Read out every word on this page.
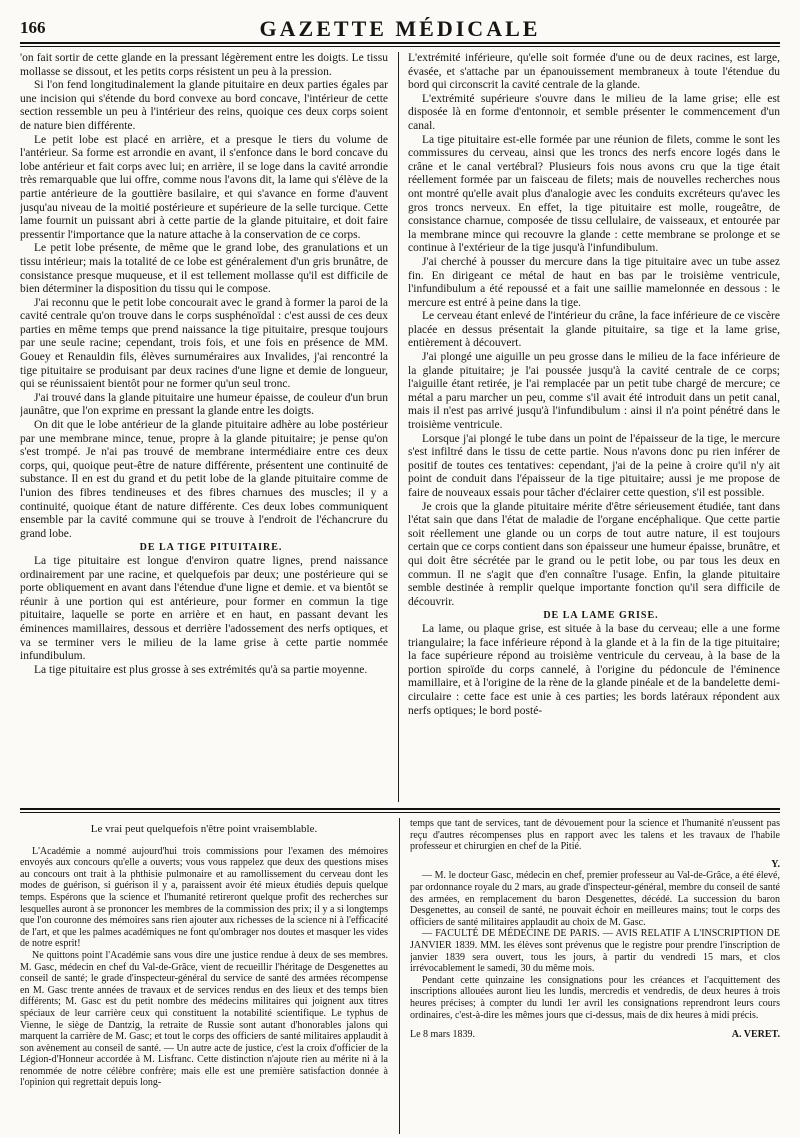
166	GAZETTE MÉDICALE

'on fait sortir de cette glande en la pressant légèrement entre les doigts. Le tissu mollasse se dissout, et les petits corps résistent un peu à la pression.

Si l'on fend longitudinalement la glande pituitaire en deux parties égales par une incision qui s'étende du bord convexe au bord concave, l'intérieur de cette section ressemble un peu à l'intérieur des reins, quoique ces deux corps soient de nature bien différente.

Le petit lobe est placé en arrière, et a presque le tiers du volume de l'antérieur. Sa forme est arrondie en avant, il s'enfonce dans le bord concave du lobe antérieur et fait corps avec lui; en arrière, il se loge dans la cavité arrondie très remarquable que lui offre, comme nous l'avons dit, la lame qui s'élève de la partie antérieure de la gouttière basilaire, et qui s'avance en forme d'auvent jusqu'au niveau de la moitié postérieure et supérieure de la selle turcique. Cette lame fournit un puissant abri à cette partie de la glande pituitaire, et doit faire pressentir l'importance que la nature attache à la conservation de ce corps.

Le petit lobe présente, de même que le grand lobe, des granulations et un tissu intérieur; mais la totalité de ce lobe est généralement d'un gris brunâtre, de consistance presque muqueuse, et il est tellement mollasse qu'il est difficile de bien déterminer la disposition du tissu qui le compose.

J'ai reconnu que le petit lobe concourait avec le grand à former la paroi de la cavité centrale qu'on trouve dans le corps susphénoïdal : c'est aussi de ces deux parties en même temps que prend naissance la tige pituitaire, presque toujours par une seule racine; cependant, trois fois, et une fois en présence de MM. Gouey et Renauldin fils, élèves surnuméraires aux Invalides, j'ai rencontré la tige pituitaire se produisant par deux racines d'une ligne et demie de longueur, qui se réunissaient bientôt pour ne former qu'un seul tronc.

J'ai trouvé dans la glande pituitaire une humeur épaisse, de couleur d'un brun jaunâtre, que l'on exprime en pressant la glande entre les doigts.

On dit que le lobe antérieur de la glande pituitaire adhère au lobe postérieur par une membrane mince, tenue, propre à la glande pituitaire; je pense qu'on s'est trompé. Je n'ai pas trouvé de membrane intermédiaire entre ces deux corps, qui, quoique peut-être de nature différente, présentent une continuité de substance. Il en est du grand et du petit lobe de la glande pituitaire comme de l'union des fibres tendineuses et des fibres charnues des muscles; il y a continuité, quoique étant de nature différente. Ces deux lobes communiquent ensemble par la cavité commune qui se trouve à l'endroit de l'échancrure du grand lobe.

DE LA TIGE PITUITAIRE.

La tige pituitaire est longue d'environ quatre lignes, prend naissance ordinairement par une racine, et quelquefois par deux; une postérieure qui se porte obliquement en avant dans l'étendue d'une ligne et demie. et va bientôt se réunir à une portion qui est antérieure, pour former en commun la tige pituitaire, laquelle se porte en arrière et en haut, en passant devant les éminences mamillaires, dessous et derrière l'adossement des nerfs optiques, et va se terminer vers le milieu de la lame grise à cette partie nommée infundibulum.

La tige pituitaire est plus grosse à ses extrémités qu'à sa partie moyenne.

L'extrémité inférieure, qu'elle soit formée d'une ou de deux racines, est large, évasée, et s'attache par un épanouissement membraneux à toute l'étendue du bord qui circonscrit la cavité centrale de la glande.

L'extrémité supérieure s'ouvre dans le milieu de la lame grise; elle est disposée là en forme d'entonnoir, et semble présenter le commencement d'un canal.

La tige pituitaire est-elle formée par une réunion de filets, comme le sont les commissures du cerveau, ainsi que les troncs des nerfs encore logés dans le crâne et le canal vertébral? Plusieurs fois nous avons cru que la tige était réellement formée par un faisceau de filets; mais de nouvelles recherches nous ont montré qu'elle avait plus d'analogie avec les conduits excréteurs qu'avec les gros troncs nerveux. En effet, la tige pituitaire est molle, rougeâtre, de consistance charnue, composée de tissu cellulaire, de vaisseaux, et entourée par la membrane mince qui recouvre la glande : cette membrane se prolonge et se continue à l'extérieur de la tige jusqu'à l'infundibulum.

J'ai cherché à pousser du mercure dans la tige pituitaire avec un tube assez fin. En dirigeant ce métal de haut en bas par le troisième ventricule, l'infundibulum a été repoussé et a fait une saillie mamelonnée en dessous : le mercure est entré à peine dans la tige.

Le cerveau étant enlevé de l'intérieur du crâne, la face inférieure de ce viscère placée en dessus présentait la glande pituitaire, sa tige et la lame grise, entièrement à découvert.

J'ai plongé une aiguille un peu grosse dans le milieu de la face inférieure de la glande pituitaire; je l'ai poussée jusqu'à la cavité centrale de ce corps; l'aiguille étant retirée, je l'ai remplacée par un petit tube chargé de mercure; ce métal a paru marcher un peu, comme s'il avait été introduit dans un petit canal, mais il n'est pas arrivé jusqu'à l'infundibulum : ainsi il n'a point pénétré dans le troisième ventricule.

Lorsque j'ai plongé le tube dans un point de l'épaisseur de la tige, le mercure s'est infiltré dans le tissu de cette partie. Nous n'avons donc pu rien inférer de positif de toutes ces tentatives: cependant, j'ai de la peine à croire qu'il n'y ait point de conduit dans l'épaisseur de la tige pituitaire; aussi je me propose de faire de nouveaux essais pour tâcher d'éclairer cette question, s'il est possible.

Je crois que la glande pituitaire mérite d'être sérieusement étudiée, tant dans l'état sain que dans l'état de maladie de l'organe encéphalique. Que cette partie soit réellement une glande ou un corps de tout autre nature, il est toujours certain que ce corps contient dans son épaisseur une humeur épaisse, brunâtre, et qui doit être sécrétée par le grand ou le petit lobe, ou par tous les deux en commun. Il ne s'agit que d'en connaître l'usage. Enfin, la glande pituitaire semble destinée à remplir quelque importante fonction qu'il sera difficile de découvrir.

DE LA LAME GRISE.

La lame, ou plaque grise, est située à la base du cerveau; elle a une forme triangulaire; la face inférieure répond à la glande et à la fin de la tige pituitaire; la face supérieure répond au troisième ventricule du cerveau, à la base de la portion spiroïde du corps cannelé, à l'origine du pédoncule de l'éminence mamillaire, et à l'origine de la rène de la glande pinéale et de la bandelette demi-circulaire : cette face est unie à ces parties; les bords latéraux répondent aux nerfs optiques; le bord posté-

Le vrai peut quelquefois n'être point vraisemblable.

L'Académie a nommé aujourd'hui trois commissions pour l'examen des mémoires envoyés aux concours qu'elle a ouverts; vous vous rappelez que deux des questions mises au concours ont trait à la phthisie pulmonaire et au ramollissement du cerveau dont les modes de guérison, si guérison il y a, paraissent avoir été mieux étudiés depuis quelque temps. Espérons que la science et l'humanité retireront quelque profit des recherches sur lesquelles auront à se prononcer les membres de la commission des prix; il y a si longtemps que l'on couronne des mémoires sans rien ajouter aux richesses de la science ni à l'efficacité de l'art, et que les palmes académiques ne font qu'ombrager nos doutes et masquer les vides de notre esprit!

Ne quittons point l'Académie sans vous dire une justice rendue à deux de ses membres. M. Gasc, médecin en chef du Val-de-Grâce, vient de recueillir l'héritage de Desgenettes au conseil de santé; le grade d'inspecteur-général du service de santé des armées récompense en M. Gasc trente années de travaux et de services rendus en des lieux et des temps bien différents; M. Gasc est du petit nombre des médecins militaires qui joignent aux titres spéciaux de leur carrière ceux qui constituent la notabilité scientifique. Le typhus de Vienne, le siège de Dantzig, la retraite de Russie sont autant d'honorables jalons qui marquent la carrière de M. Gasc; et tout le corps des officiers de santé militaires applaudit à son avènement au conseil de santé. — Un autre acte de justice, c'est la croix d'officier de la Légion-d'Honneur accordée à M. Lisfranc. Cette distinction n'ajoute rien au mérite ni à la renommée de notre célèbre confrère; mais elle est une première satisfaction donnée à l'opinion qui regrettait depuis long-

temps que tant de services, tant de dévouement pour la science et l'humanité n'eussent pas reçu d'autres récompenses plus en rapport avec les talens et les travaux de l'habile professeur et chirurgien en chef de la Pitié.

Y.

— M. le docteur Gasc, médecin en chef, premier professeur au Val-de-Grâce, a été élevé, par ordonnance royale du 2 mars, au grade d'inspecteur-général, membre du conseil de santé des armées, en remplacement du baron Desgenettes, décédé. La succession du baron Desgenettes, au conseil de santé, ne pouvait échoir en meilleures mains; tout le corps des officiers de santé militaires applaudit au choix de M. Gasc.

— FACULTÉ DE MÉDECINE DE PARIS. — AVIS RELATIF A L'INSCRIPTION DE JANVIER 1839. MM. les élèves sont prévenus que le registre pour prendre l'inscription de janvier 1839 sera ouvert, tous les jours, à partir du vendredi 15 mars, et clos irrévocablement le samedi, 30 du même mois.

Pendant cette quinzaine les consignations pour les créances et l'acquittement des inscriptions allouées auront lieu les lundis, mercredis et vendredis, de deux heures à trois heures précises; à compter du lundi 1er avril les consignations reprendront leurs cours ordinaires, c'est-à-dire les mêmes jours que ci-dessus, mais de dix heures à midi précis.

Le 8 mars 1839.	A. VERET.
